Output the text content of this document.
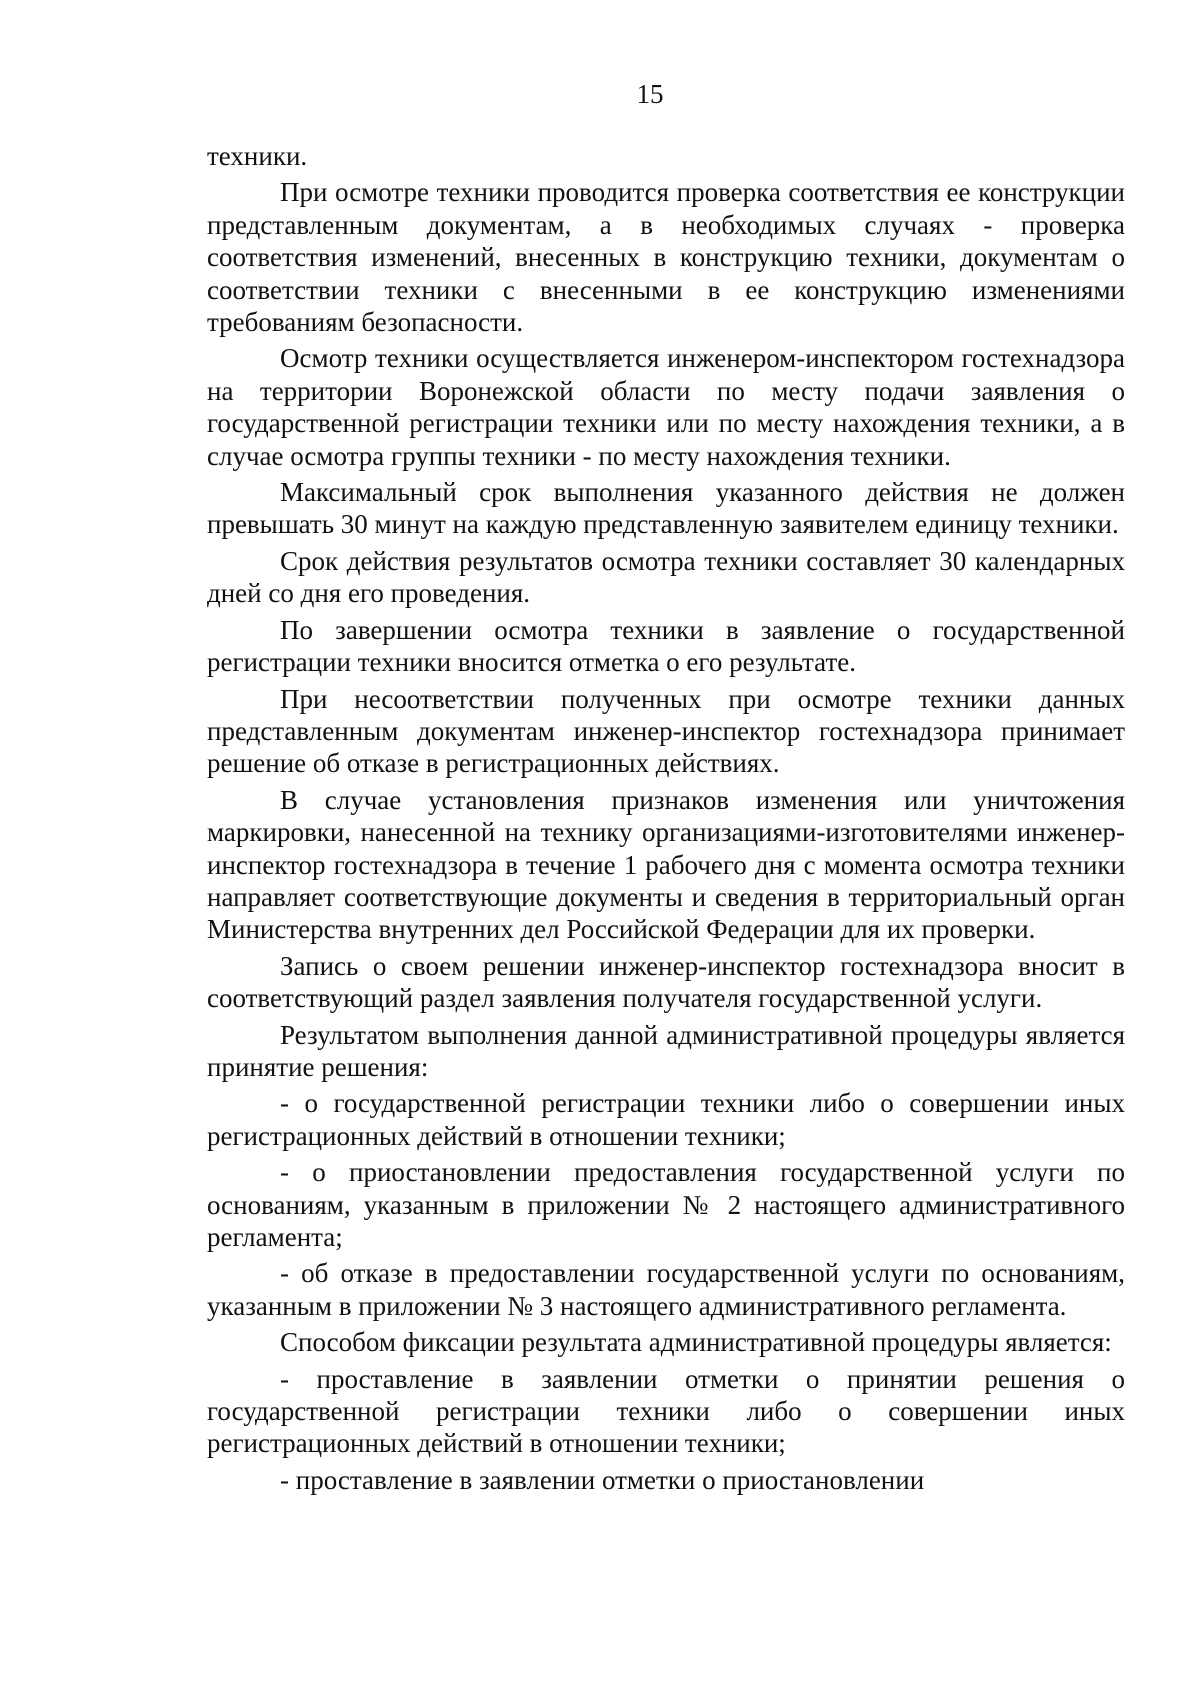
15

техники.

При осмотре техники проводится проверка соответствия ее конструкции представленным документам, а в необходимых случаях - проверка соответствия изменений, внесенных в конструкцию техники, документам о соответствии техники с внесенными в ее конструкцию изменениями требованиям безопасности.

Осмотр техники осуществляется инженером-инспектором гостехнадзора на территории Воронежской области по месту подачи заявления о государственной регистрации техники или по месту нахождения техники, а в случае осмотра группы техники - по месту нахождения техники.

Максимальный срок выполнения указанного действия не должен превышать 30 минут на каждую представленную заявителем единицу техники.

Срок действия результатов осмотра техники составляет 30 календарных дней со дня его проведения.

По завершении осмотра техники в заявление о государственной регистрации техники вносится отметка о его результате.

При несоответствии полученных при осмотре техники данных представленным документам инженер-инспектор гостехнадзора принимает решение об отказе в регистрационных действиях.

В случае установления признаков изменения или уничтожения маркировки, нанесенной на технику организациями-изготовителями инженер-инспектор гостехнадзора в течение 1 рабочего дня с момента осмотра техники направляет соответствующие документы и сведения в территориальный орган Министерства внутренних дел Российской Федерации для их проверки.

Запись о своем решении инженер-инспектор гостехнадзора вносит в соответствующий раздел заявления получателя государственной услуги.

Результатом выполнения данной административной процедуры является принятие решения:

- о государственной регистрации техники либо о совершении иных регистрационных действий в отношении техники;

- о приостановлении предоставления государственной услуги по основаниям, указанным в приложении № 2 настоящего административного регламента;

- об отказе в предоставлении государственной услуги по основаниям, указанным в приложении № 3 настоящего административного регламента.

Способом фиксации результата административной процедуры является:

- проставление в заявлении отметки о принятии решения о государственной регистрации техники либо о совершении иных регистрационных действий в отношении техники;

- проставление в заявлении отметки о приостановлении
